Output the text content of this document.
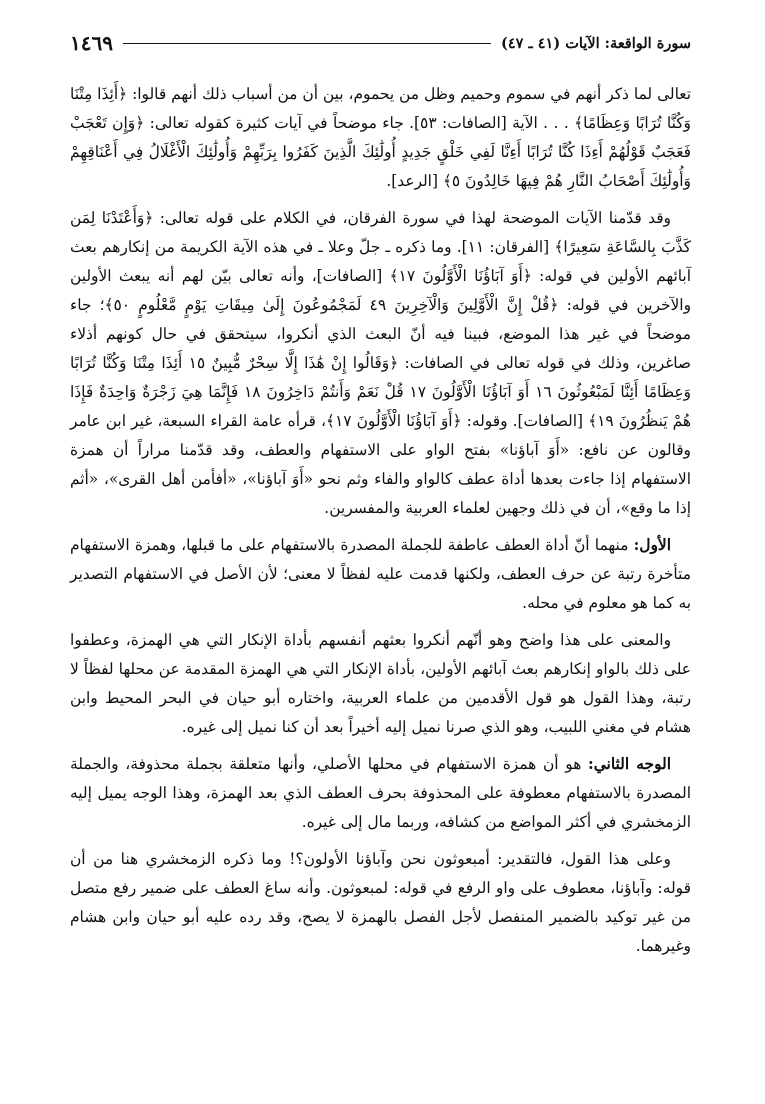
سورة الواقعة: الآيات (٤١ ـ ٤٧)
١٤٦٩

تعالى لما ذكر أنهم في سموم وحميم وظل من يحموم، بين أن من أسباب ذلك أنهم قالوا: ﴿أَئِذَا مِتْنَا وَكُنَّا تُرَابًا وَعِظَامًا﴾ . . . الآية [الصافات: ٥٣]. جاء موضحاً في آيات كثيرة كقوله تعالى: ﴿وَإِن تَعْجَبْ فَعَجَبٌ قَوْلُهُمْ أَءِذَا كُنَّا تُرَابًا أَءِنَّا لَفِي خَلْقٍ جَدِيدٍ أُولَٰئِكَ الَّذِينَ كَفَرُوا بِرَبِّهِمْ وَأُولَٰئِكَ الْأَغْلَالُ فِي أَعْنَاقِهِمْ وَأُولَٰئِكَ أَصْحَابُ النَّارِ هُمْ فِيهَا خَالِدُونَ ٥﴾ [الرعد].

وقد قدّمنا الآيات الموضحة لهذا في سورة الفرقان، في الكلام على قوله تعالى: ﴿وَأَعْتَدْنَا لِمَن كَذَّبَ بِالسَّاعَةِ سَعِيرًا﴾ [الفرقان: ١١]. وما ذكره ـ جلّ وعلا ـ في هذه الآية الكريمة من إنكارهم بعث آبائهم الأولين في قوله: ﴿أَوَ آبَاؤُنَا الْأَوَّلُونَ ١٧﴾ [الصافات]، وأنه تعالى بيّن لهم أنه يبعث الأولين والآخرين في قوله: ﴿قُلْ إِنَّ الْأَوَّلِينَ وَالْآخِرِينَ ٤٩ لَمَجْمُوعُونَ إِلَىٰ مِيقَاتِ يَوْمٍ مَّعْلُومٍ ٥٠﴾؛ جاء موضحاً في غير هذا الموضع، فبينا فيه أنّ البعث الذي أنكروا، سيتحقق في حال كونهم أذلاء صاغرين، وذلك في قوله تعالى في الصافات: ﴿وَقَالُوا إِنْ هَٰذَا إِلَّا سِحْرٌ مُّبِينٌ ١٥ أَئِذَا مِتْنَا وَكُنَّا تُرَابًا وَعِظَامًا أَئِنَّا لَمَبْعُوثُونَ ١٦ أَوَ آبَاؤُنَا الْأَوَّلُونَ ١٧ قُلْ نَعَمْ وَأَنتُمْ دَاخِرُونَ ١٨ فَإِنَّمَا هِيَ زَجْرَةٌ وَاحِدَةٌ فَإِذَا هُمْ يَنظُرُونَ ١٩﴾ [الصافات]. وقوله: ﴿أَوَ آبَاؤُنَا الْأَوَّلُونَ ١٧﴾، قرأه عامة القراء السبعة، غير ابن عامر وقالون عن نافع: «أَوَ آباؤنا» بفتح الواو على الاستفهام والعطف، وقد قدّمنا مراراً أن همزة الاستفهام إذا جاءت بعدها أداة عطف كالواو والفاء وثم نحو «أَوَ آباؤنا»، «أفأمن أهل القرى»، «أثم إذا ما وقع»، أن في ذلك وجهين لعلماء العربية والمفسرين.

الأول: منهما أنّ أداة العطف عاطفة للجملة المصدرة بالاستفهام على ما قبلها، وهمزة الاستفهام متأخرة رتبة عن حرف العطف، ولكنها قدمت عليه لفظاً لا معنى؛ لأن الأصل في الاستفهام التصدير به كما هو معلوم في محله.

والمعنى على هذا واضح وهو أنّهم أنكروا بعثهم أنفسهم بأداة الإنكار التي هي الهمزة، وعطفوا على ذلك بالواو إنكارهم بعث آبائهم الأولين، بأداة الإنكار التي هي الهمزة المقدمة عن محلها لفظاً لا رتبة، وهذا القول هو قول الأقدمين من علماء العربية، واختاره أبو حيان في البحر المحيط وابن هشام في مغني اللبيب، وهو الذي صرنا نميل إليه أخيراً بعد أن كنا نميل إلى غيره.

الوجه الثاني: هو أن همزة الاستفهام في محلها الأصلي، وأنها متعلقة بجملة محذوفة، والجملة المصدرة بالاستفهام معطوفة على المحذوفة بحرف العطف الذي بعد الهمزة، وهذا الوجه يميل إليه الزمخشري في أكثر المواضع من كشافه، وربما مال إلى غيره.

وعلى هذا القول، فالتقدير: أمبعوثون نحن وآباؤنا الأولون؟! وما ذكره الزمخشري هنا من أن قوله: وآباؤنا، معطوف على واو الرفع في قوله: لمبعوثون. وأنه ساغ العطف على ضمير رفع متصل من غير توكيد بالضمير المنفصل لأجل الفصل بالهمزة لا يصح، وقد رده عليه أبو حيان وابن هشام وغيرهما.
